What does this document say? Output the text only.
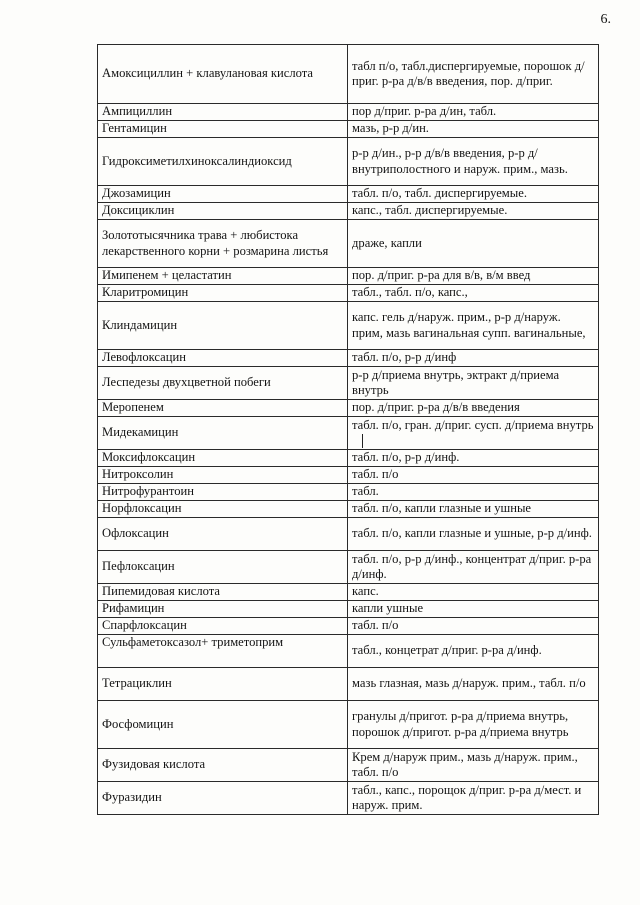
6.
Амоксициллин + клавулановая кислота	табл п/о, табл.диспергируемые, порошок д/приг. р-ра д/в/в введения, пор. д/приг.
Ампициллин	пор д/приг. р-ра д/ин, табл.
Гентамицин	мазь, р-р д/ин.
Гидроксиметилхиноксалиндиоксид	р-р д/ин., р-р д/в/в введения, р-р д/внутриполостного и наруж. прим., мазь.
Джозамицин	табл. п/о, табл. диспергируемые.
Доксициклин	капс., табл. диспергируемые.
Золототысячника трава + любистока лекарственного корни + розмарина листья	драже, капли
Имипенем + целастатин	пор. д/приг. р-ра для в/в, в/м введ
Кларитромицин	табл., табл. п/о, капс.,
Клиндамицин	капс. гель д/наруж. прим., р-р д/наруж. прим, мазь вагинальная супп. вагинальные,
Левофлоксацин	табл. п/о, р-р д/инф
Леспедезы двухцветной побеги	р-р д/приема внутрь, эктракт д/приема внутрь
Меропенем	пор. д/приг. р-ра д/в/в введения
Мидекамицин	табл. п/о, гран. д/приг. сусп. д/приема внутрь
Моксифлоксацин	табл. п/о, р-р д/инф.
Нитроксолин	табл. п/о
Нитрофурантоин	табл.
Норфлоксацин	табл. п/о, капли глазные и ушные
Офлоксацин	табл. п/о, капли глазные и ушные, р-р д/инф.
Пефлоксацин	табл. п/о, р-р д/инф., концентрат д/приг. р-ра д/инф.
Пипемидовая кислота	капс.
Рифамицин	капли ушные
Спарфлоксацин	табл. п/о
Сульфаметоксазол+ триметоприм	табл., концетрат д/приг. р-ра д/инф.
Тетрациклин	мазь глазная, мазь д/наруж. прим., табл. п/о
Фосфомицин	гранулы д/пригот. р-ра д/приема внутрь, порошок д/пригот. р-ра д/приема внутрь
Фузидовая кислота	Крем д/наруж прим., мазь д/наруж. прим., табл. п/о
Фуразидин	табл., капс., порощок д/приг. р-ра д/мест. и наруж. прим.
